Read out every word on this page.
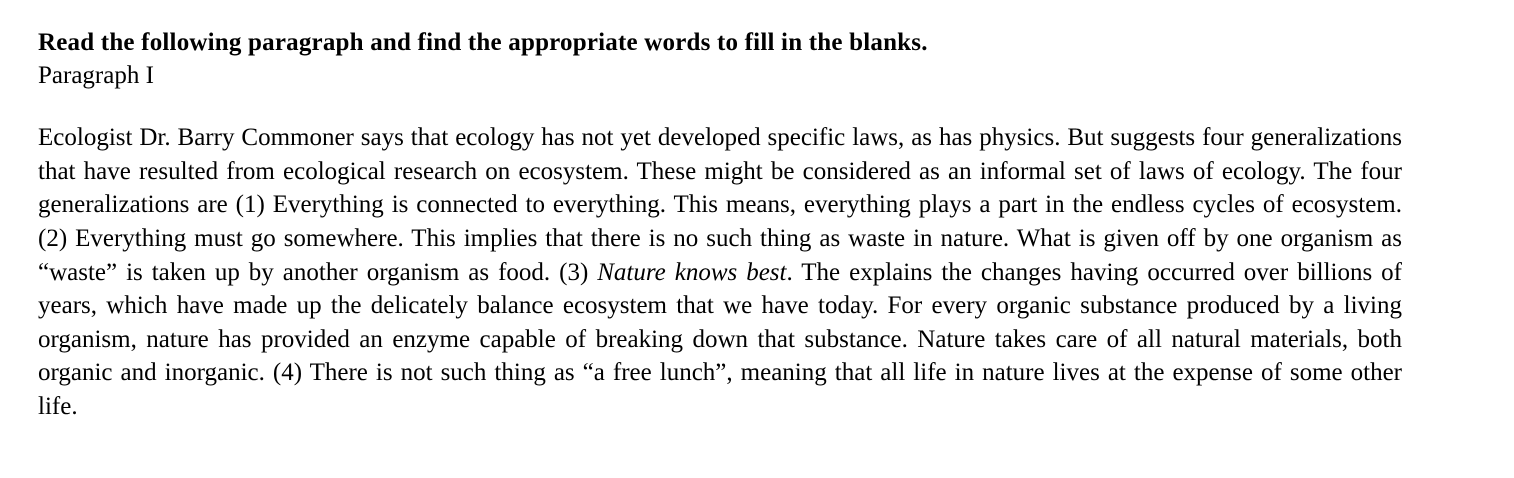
Read the following paragraph and find the appropriate words to fill in the blanks.

Paragraph I

Ecologist Dr. Barry Commoner says that ecology has not yet developed specific laws, as has physics. But suggests four generalizations that have resulted from ecological research on ecosystem. These might be considered as an informal set of laws of ecology. The four generalizations are (1) Everything is connected to everything. This means, everything plays a part in the endless cycles of ecosystem. (2) Everything must go somewhere. This implies that there is no such thing as waste in nature. What is given off by one organism as “waste” is taken up by another organism as food. (3) Nature knows best. The explains the changes having occurred over billions of years, which have made up the delicately balance ecosystem that we have today. For every organic substance produced by a living organism, nature has provided an enzyme capable of breaking down that substance. Nature takes care of all natural materials, both organic and inorganic. (4) There is not such thing as “a free lunch”, meaning that all life in nature lives at the expense of some other life.
